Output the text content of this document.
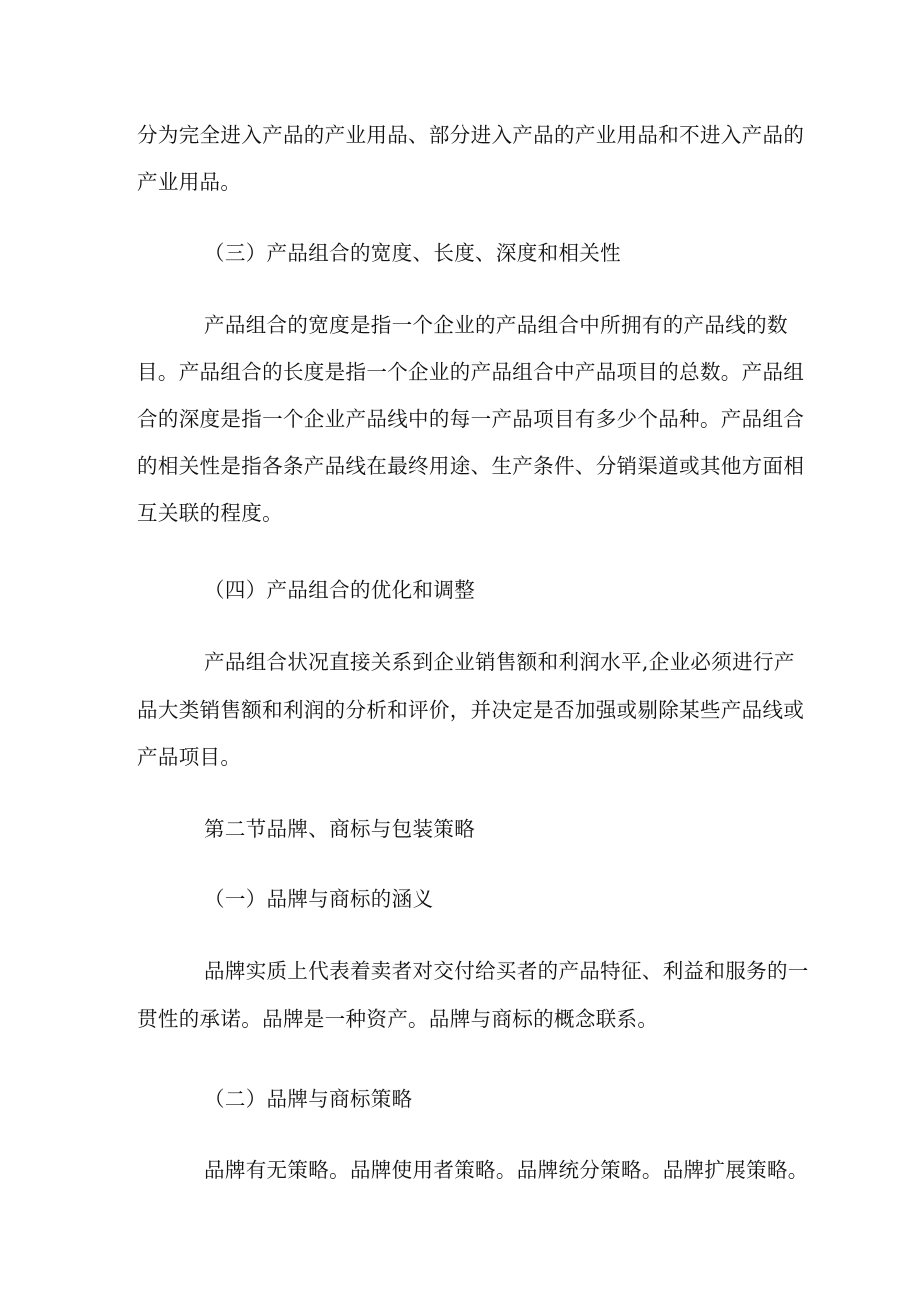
分为完全进入产品的产业用品、部分进入产品的产业用品和不进入产品的
产业用品。
（三）产品组合的宽度、长度、深度和相关性
产品组合的宽度是指一个企业的产品组合中所拥有的产品线的数
目。产品组合的长度是指一个企业的产品组合中产品项目的总数。产品组
合的深度是指一个企业产品线中的每一产品项目有多少个品种。产品组合
的相关性是指各条产品线在最终用途、生产条件、分销渠道或其他方面相
互关联的程度。
（四）产品组合的优化和调整
产品组合状况直接关系到企业销售额和利润水平,企业必须进行产
品大类销售额和利润的分析和评价，并决定是否加强或剔除某些产品线或
产品项目。
第二节品牌、商标与包装策略
（一）品牌与商标的涵义
品牌实质上代表着卖者对交付给买者的产品特征、利益和服务的一
贯性的承诺。品牌是一种资产。品牌与商标的概念联系。
（二）品牌与商标策略
品牌有无策略。品牌使用者策略。品牌统分策略。品牌扩展策略。
